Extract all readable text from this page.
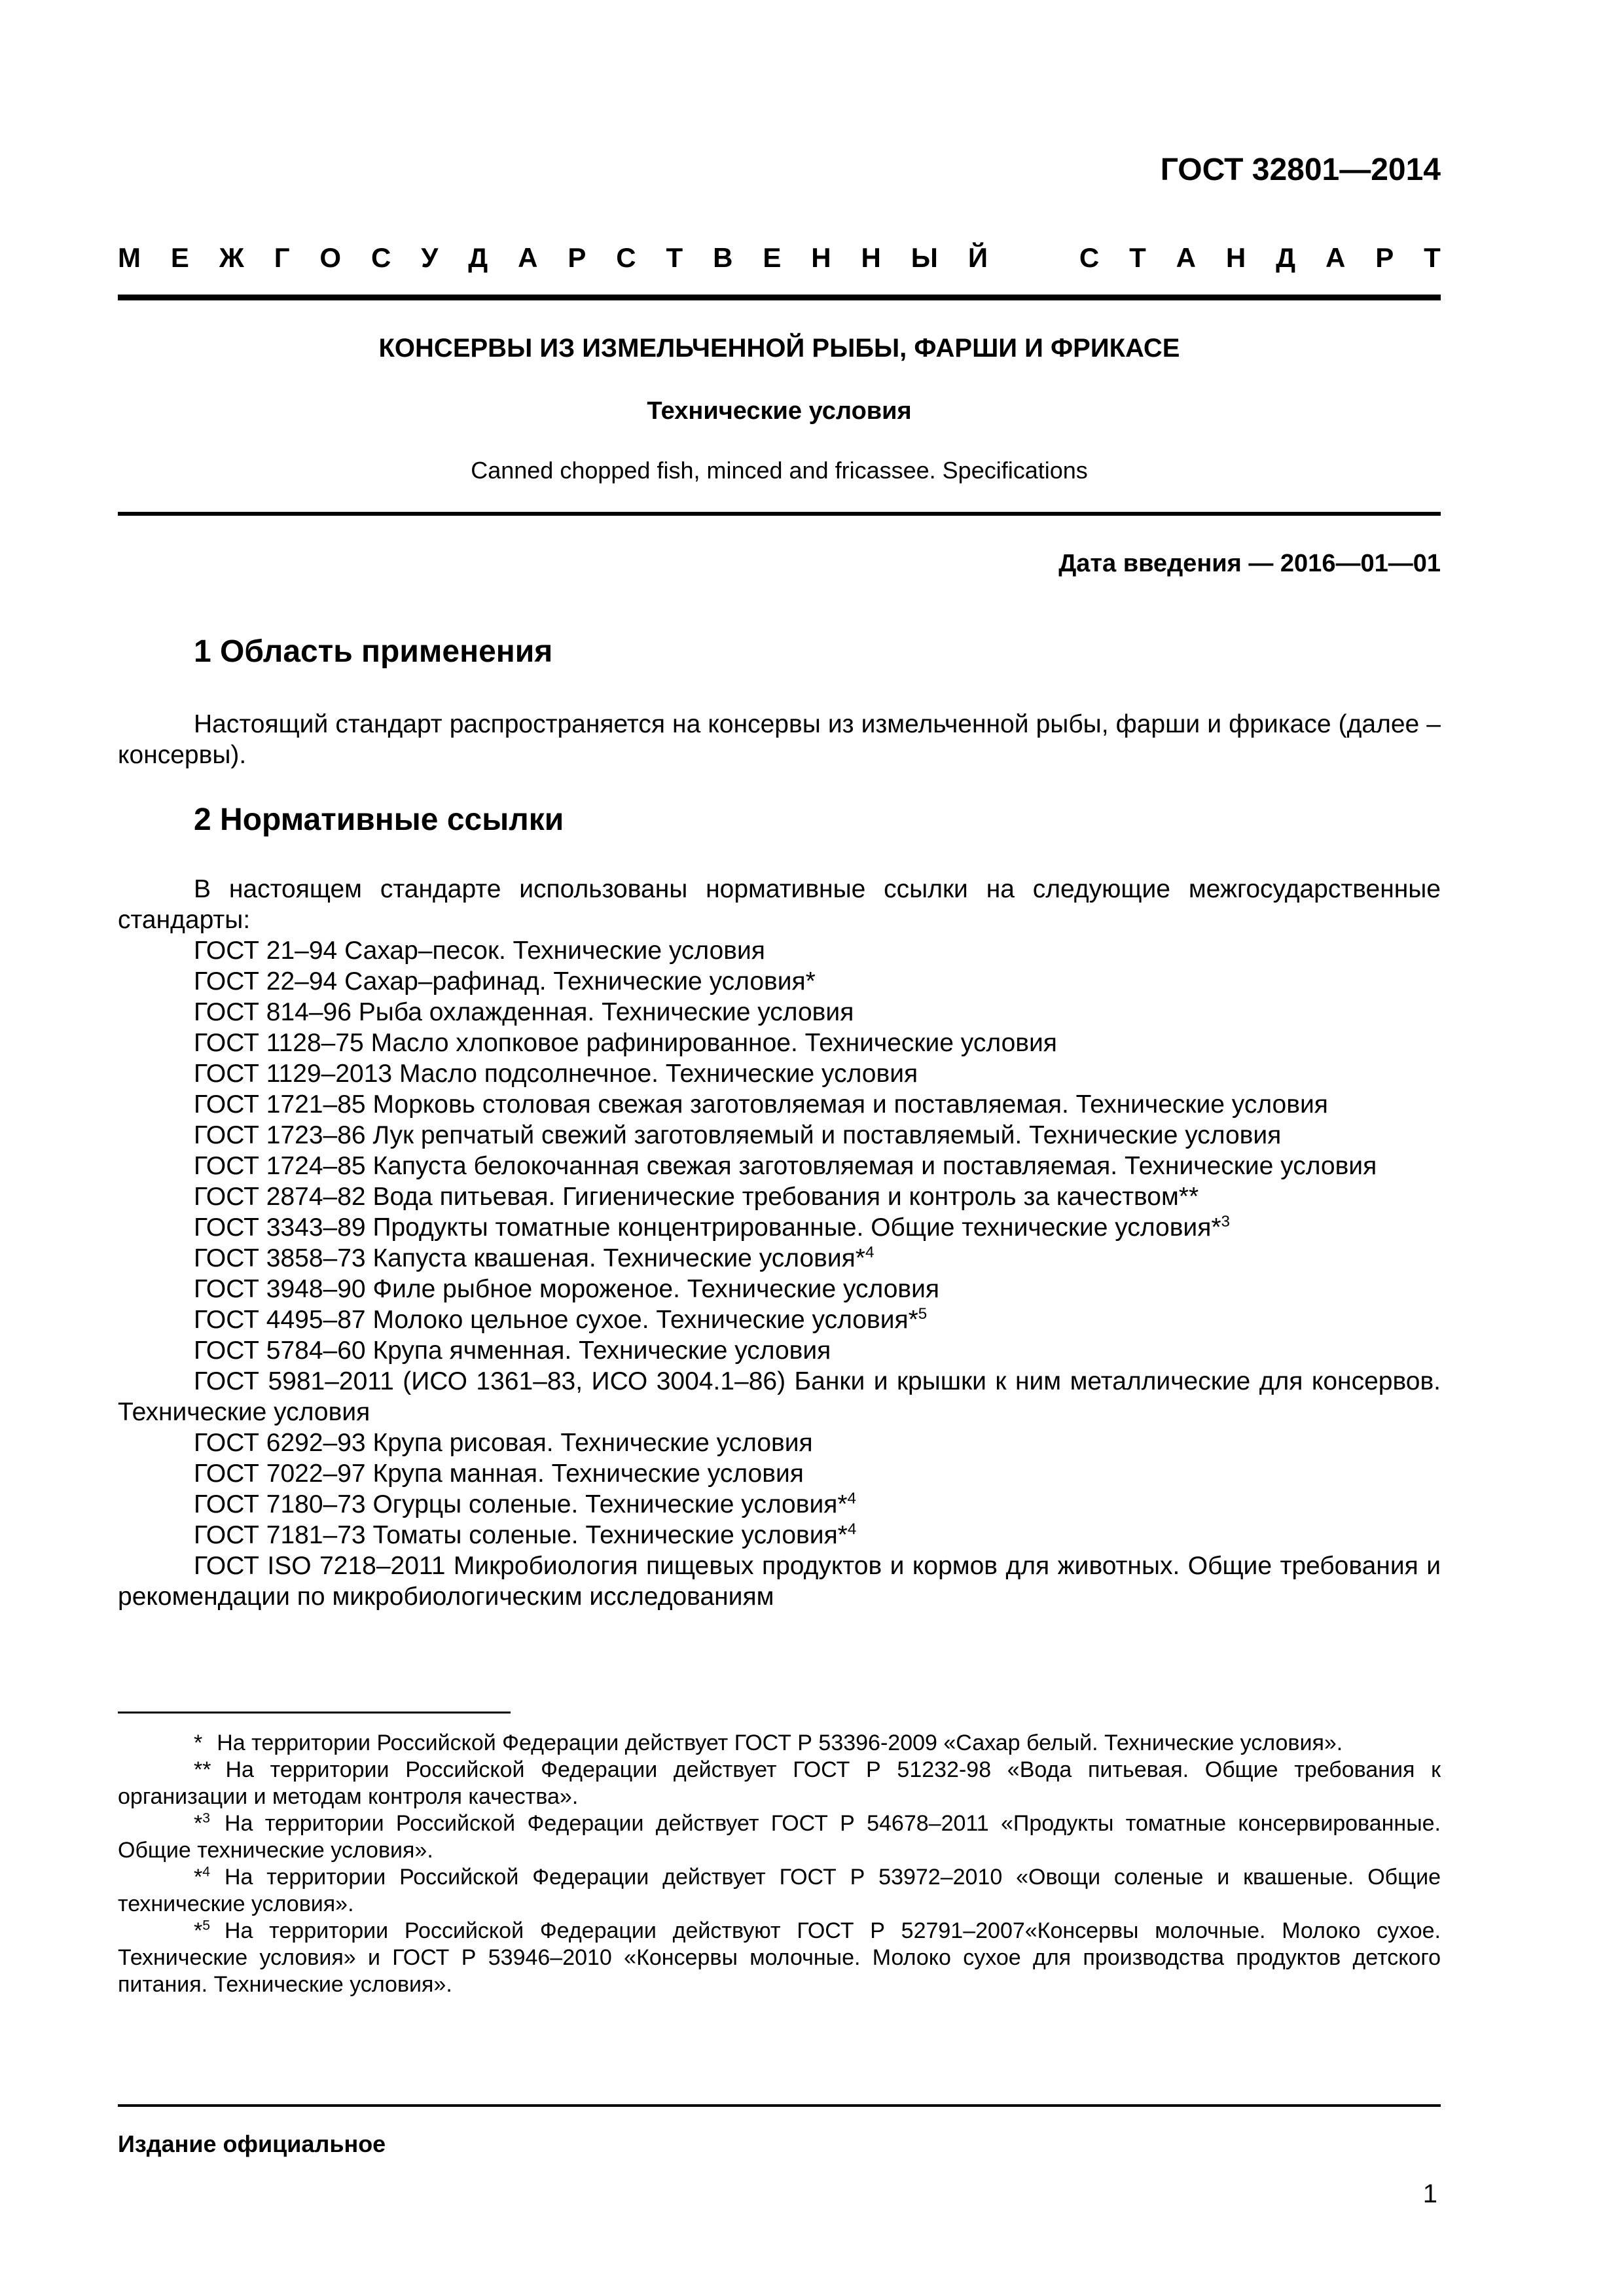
ГОСТ 32801—2014
М Е Ж Г О С У Д А Р С Т В Е Н Н Ы Й	С Т А Н Д А Р Т
КОНСЕРВЫ ИЗ ИЗМЕЛЬЧЕННОЙ РЫБЫ, ФАРШИ И ФРИКАСЕ
Технические условия
Canned chopped fish, minced and fricassee. Specifications
Дата введения — 2016—01—01
1 Область применения

Настоящий стандарт распространяется на консервы из измельченной рыбы, фарши и фрикасе (далее – консервы).

2 Нормативные ссылки

В настоящем стандарте использованы нормативные ссылки на следующие межгосударственные стандарты:

ГОСТ 21–94 Сахар–песок. Технические условия
ГОСТ 22–94 Сахар–рафинад. Технические условия*
ГОСТ 814–96 Рыба охлажденная. Технические условия
ГОСТ 1128–75 Масло хлопковое рафинированное. Технические условия
ГОСТ 1129–2013 Масло подсолнечное. Технические условия
ГОСТ 1721–85 Морковь столовая свежая заготовляемая и поставляемая. Технические условия
ГОСТ 1723–86 Лук репчатый свежий заготовляемый и поставляемый. Технические условия
ГОСТ 1724–85 Капуста белокочанная свежая заготовляемая и поставляемая. Технические условия
ГОСТ 2874–82 Вода питьевая. Гигиенические требования и контроль за качеством**
ГОСТ 3343–89 Продукты томатные концентрированные. Общие технические условия*$^3$
ГОСТ 3858–73 Капуста квашеная. Технические условия*$^4$
ГОСТ 3948–90 Филе рыбное мороженое. Технические условия
ГОСТ 4495–87 Молоко цельное сухое. Технические условия*$^5$
ГОСТ 5784–60 Крупа ячменная. Технические условия
ГОСТ 5981–2011 (ИСО 1361–83, ИСО 3004.1–86) Банки и крышки к ним металлические для консервов. Технические условия
ГОСТ 6292–93 Крупа рисовая. Технические условия
ГОСТ 7022–97 Крупа манная. Технические условия
ГОСТ 7180–73 Огурцы соленые. Технические условия*$^4$
ГОСТ 7181–73 Томаты соленые. Технические условия*$^4$
ГОСТ ISO 7218–2011 Микробиология пищевых продуктов и кормов для животных. Общие требования и рекомендации по микробиологическим исследованиям

* На территории Российской Федерации действует ГОСТ Р 53396-2009 «Сахар белый. Технические условия».

** На территории Российской Федерации действует ГОСТ Р 51232-98 «Вода питьевая. Общие требования к организации и методам контроля качества».

*$^3$ На территории Российской Федерации действует ГОСТ Р 54678–2011 «Продукты томатные консервированные. Общие технические условия».

*$^4$ На территории Российской Федерации действует ГОСТ Р 53972–2010 «Овощи соленые и квашеные. Общие технические условия».

*$^5$ На территории Российской Федерации действуют ГОСТ Р 52791–2007«Консервы молочные. Молоко сухое. Технические условия» и ГОСТ Р 53946–2010 «Консервы молочные. Молоко сухое для производства продуктов детского питания. Технические условия».

Издание официальное
1
